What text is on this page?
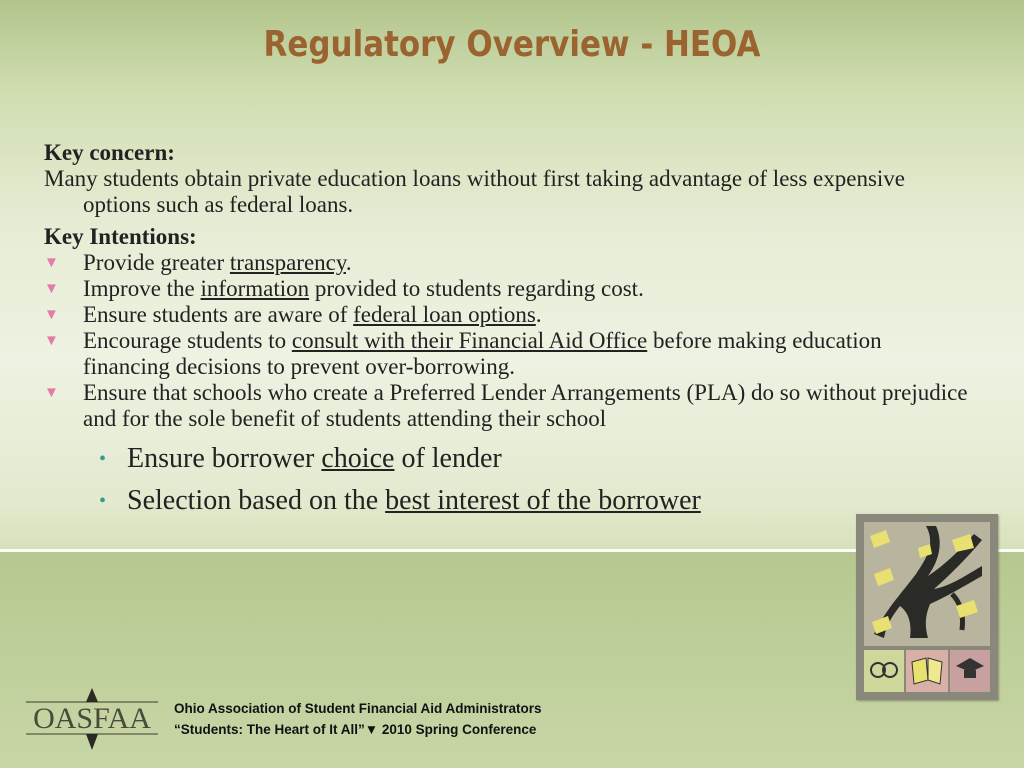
Regulatory Overview - HEOA

Key concern:

Many students obtain private education loans without first taking advantage of less expensive options such as federal loans.

Key Intentions:

▼ Provide greater transparency.

▼ Improve the information provided to students regarding cost.

▼ Ensure students are aware of federal loan options.

▼ Encourage students to consult with their Financial Aid Office before making education financing decisions to prevent over-borrowing.

▼ Ensure that schools who create a Preferred Lender Arrangements (PLA) do so without prejudice and for the sole benefit of students attending their school

• Ensure borrower choice of lender
• Selection based on the best interest of the borrower
OASFAA Ohio Association of Student Financial Aid Administrators
“Students: The Heart of It All”▼ 2010 Spring Conference
